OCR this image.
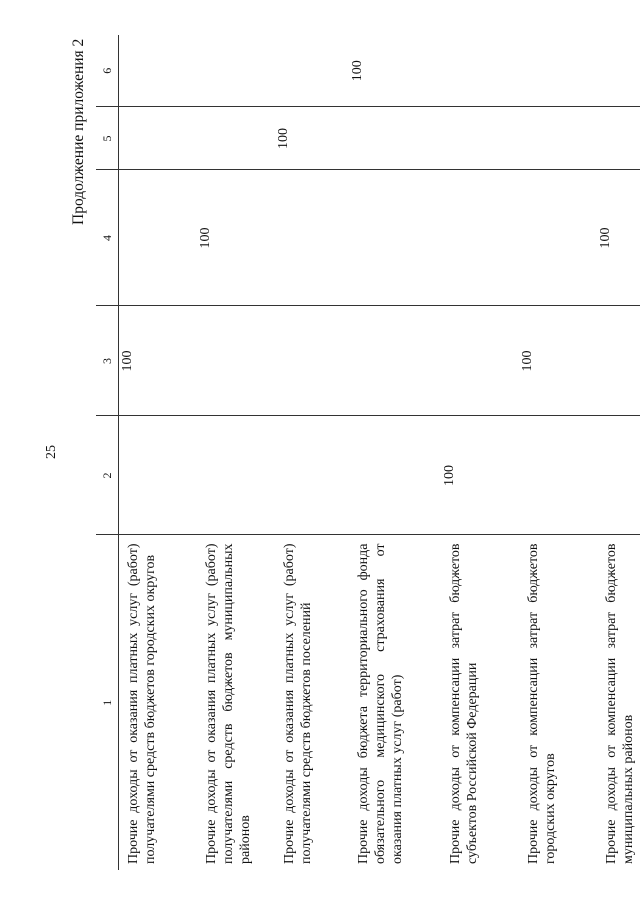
25
Продолжение приложения 2
1	2	3	4	5	6
Прочие доходы от оказания платных услуг (работ) получателями средств бюджетов городских округов		100			
Прочие доходы от оказания платных услуг (работ) получателями средств бюджетов муниципальных районов			100		
Прочие доходы от оказания платных услуг (работ) получателями средств бюджетов поселений				100	
Прочие доходы бюджета территориального фонда обязательного медицинского страхования от оказания платных услуг (работ)					100
Прочие доходы от компенсации затрат бюджетов субъектов Российской Федерации	100				
Прочие доходы от компенсации затрат бюджетов городских округов		100			
Прочие доходы от компенсации затрат бюджетов муниципальных районов			100		
